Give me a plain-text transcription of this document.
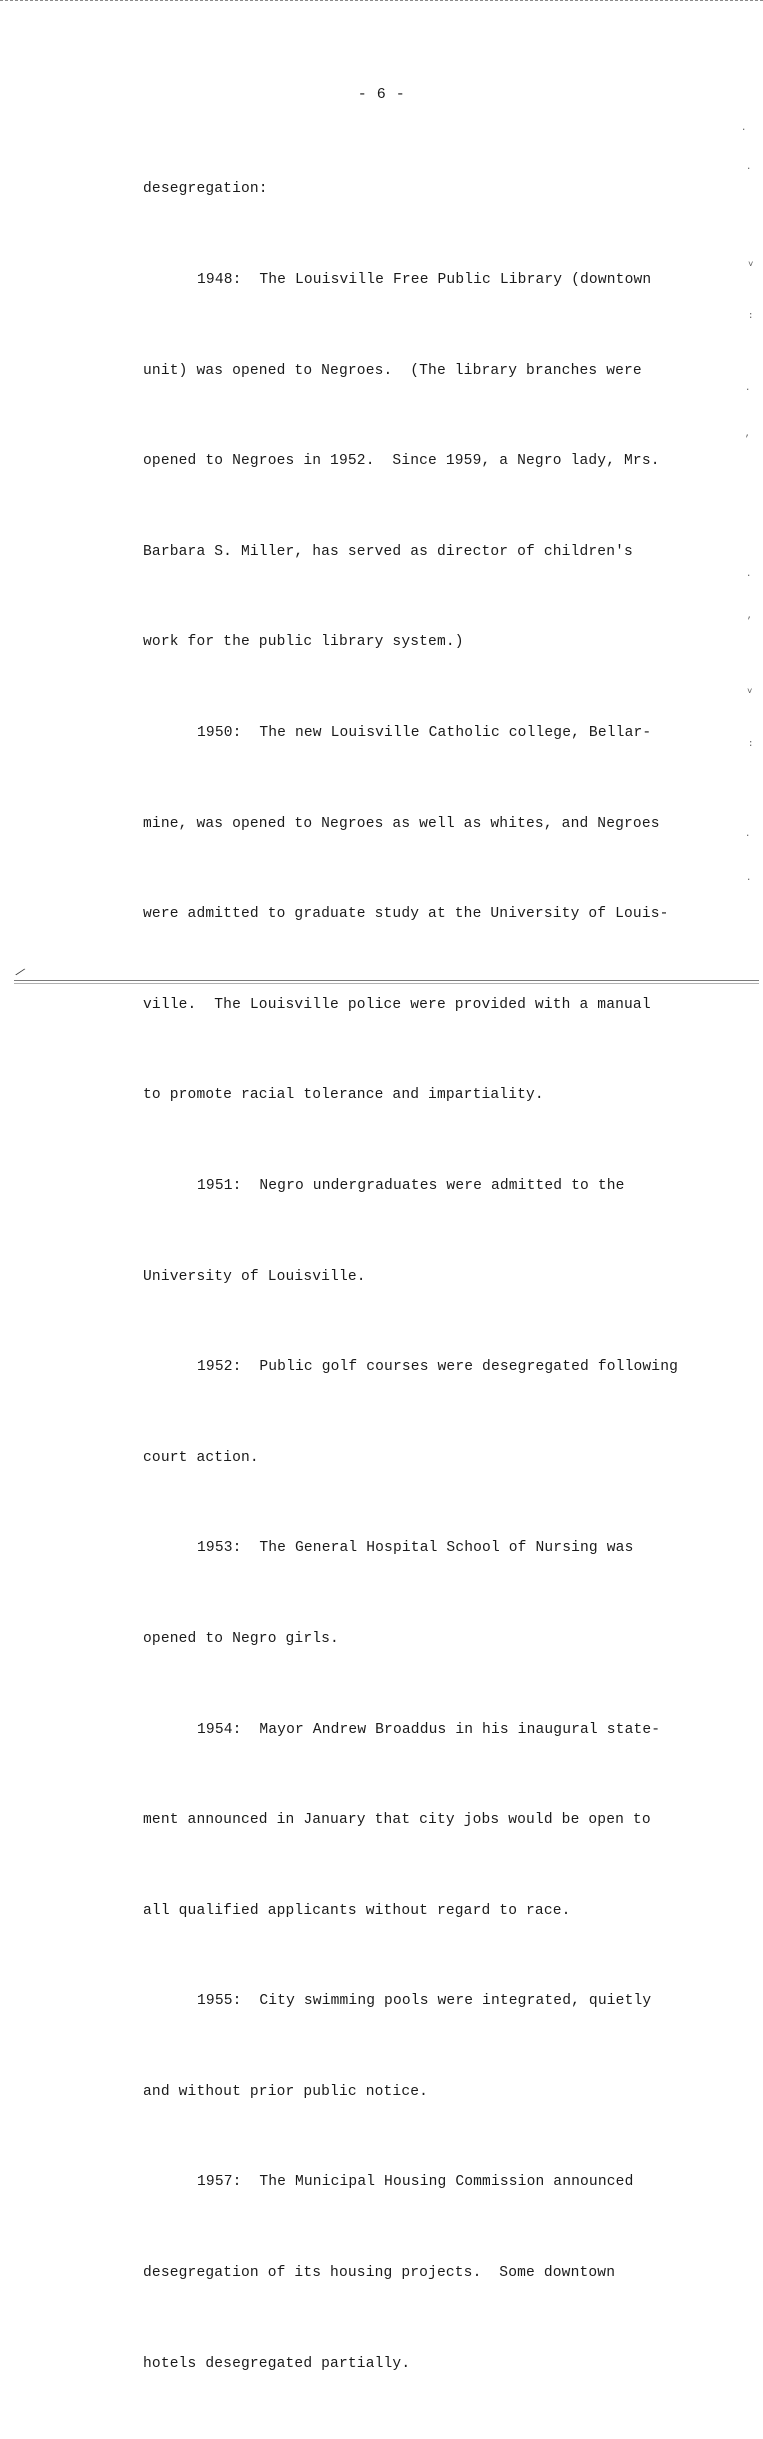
- 6 -

desegregation:

1948:  The Louisville Free Public Library (downtown

unit) was opened to Negroes.  (The library branches were

opened to Negroes in 1952.  Since 1959, a Negro lady, Mrs.

Barbara S. Miller, has served as director of children's

work for the public library system.)

1950:  The new Louisville Catholic college, Bellar-

mine, was opened to Negroes as well as whites, and Negroes

were admitted to graduate study at the University of Louis-

ville.  The Louisville police were provided with a manual

to promote racial tolerance and impartiality.

1951:  Negro undergraduates were admitted to the

University of Louisville.

1952:  Public golf courses were desegregated following

court action.

1953:  The General Hospital School of Nursing was

opened to Negro girls.

1954:  Mayor Andrew Broaddus in his inaugural state-

ment announced in January that city jobs would be open to

all qualified applicants without regard to race.

1955:  City swimming pools were integrated, quietly

and without prior public notice.

1957:  The Municipal Housing Commission announced

desegregation of its housing projects.  Some downtown

hotels desegregated partially.

·
·
˅
:
·
,
·
,
˅
:
·
·
/
